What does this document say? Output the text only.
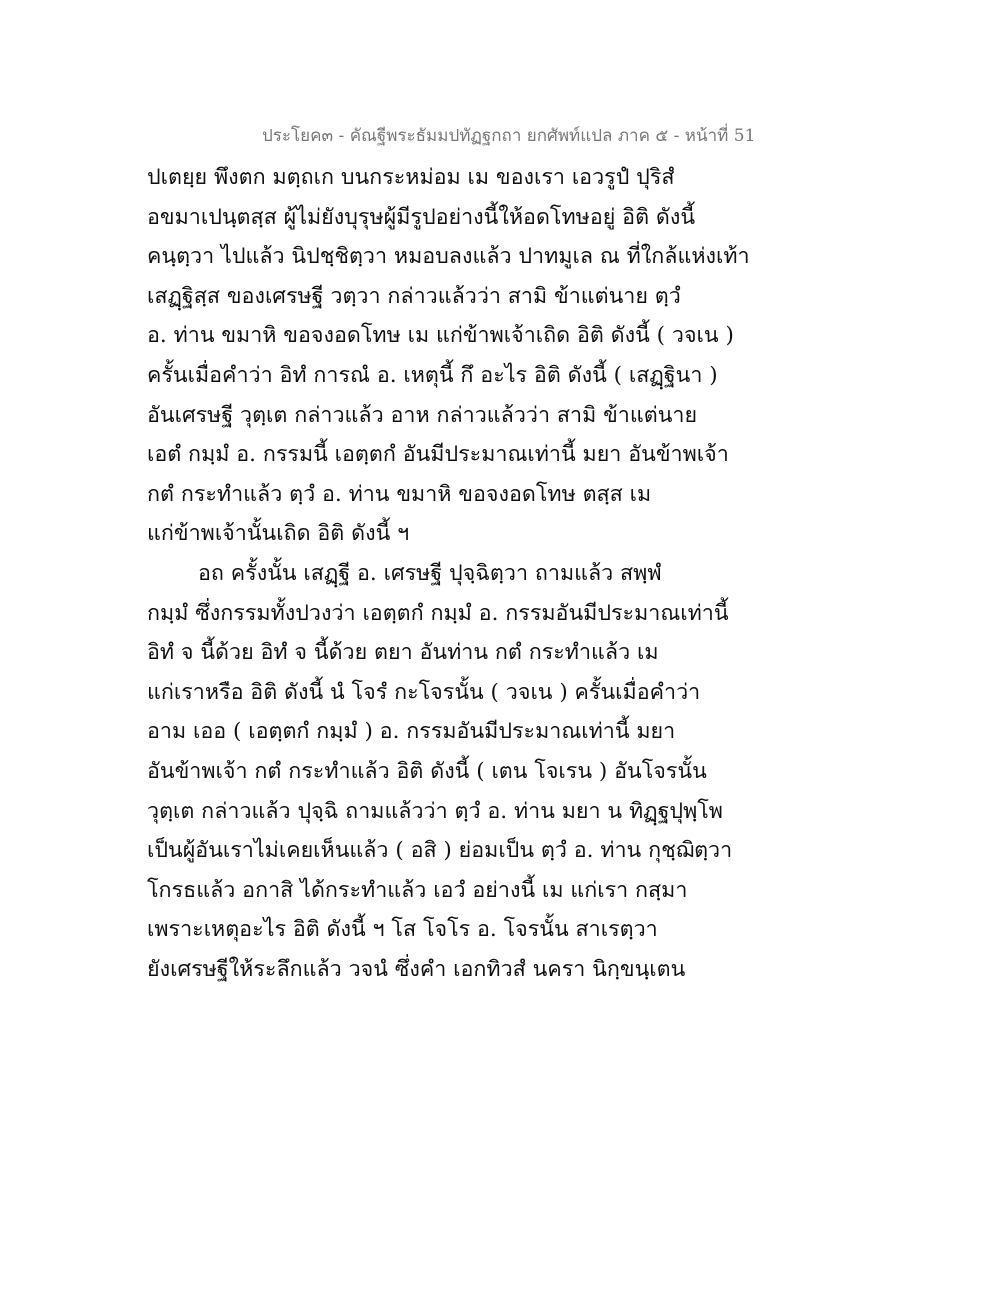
ประโยค๓ - คัณฐีพระธัมมปทัฏฐกถา ยกศัพท์แปล ภาค ๕ - หน้าที่ 51
ปเตยฺย พึงตก มตฺถเก บนกระหม่อม เม ของเรา เอวรูปํ ปุริสํ
อขมาเปนฺตสฺส ผู้ไม่ยังบุรุษผู้มีรูปอย่างนี้ให้อดโทษอยู่ อิติ ดังนี้
คนฺตฺวา ไปแล้ว นิปชฺชิตฺวา หมอบลงแล้ว ปาทมูเล ณ ที่ใกล้แห่งเท้า
เสฏฺฐิสฺส ของเศรษฐี วตฺวา กล่าวแล้วว่า สามิ ข้าแต่นาย ตฺวํ
อ. ท่าน ขมาหิ ขอจงอดโทษ เม แก่ข้าพเจ้าเถิด อิติ ดังนี้ ( วจเน )
ครั้นเมื่อคำว่า อิทํ การณํ อ. เหตุนี้ กึ อะไร อิติ ดังนี้ ( เสฏฺฐินา )
อันเศรษฐี วุตฺเต กล่าวแล้ว อาห กล่าวแล้วว่า สามิ ข้าแต่นาย
เอตํ กมฺมํ อ. กรรมนี้ เอตฺตกํ อันมีประมาณเท่านี้ มยา อันข้าพเจ้า
กตํ กระทำแล้ว ตฺวํ อ. ท่าน ขมาหิ ขอจงอดโทษ ตสฺส เม
แก่ข้าพเจ้านั้นเถิด อิติ ดังนี้ ฯ
อถ ครั้งนั้น เสฏฺฐี อ. เศรษฐี ปุจฺฉิตฺวา ถามแล้ว สพฺพํ
กมฺมํ ซึ่งกรรมทั้งปวงว่า เอตฺตกํ กมฺมํ อ. กรรมอันมีประมาณเท่านี้
อิทํ จ นี้ด้วย อิทํ จ นี้ด้วย ตยา อันท่าน กตํ กระทำแล้ว เม
แก่เราหรือ อิติ ดังนี้ นํ โจรํ กะโจรนั้น ( วจเน ) ครั้นเมื่อคำว่า
อาม เออ ( เอตฺตกํ กมฺมํ ) อ. กรรมอันมีประมาณเท่านี้ มยา
อันข้าพเจ้า กตํ กระทำแล้ว อิติ ดังนี้ ( เตน โจเรน ) อันโจรนั้น
วุตฺเต กล่าวแล้ว ปุจฺฉิ ถามแล้วว่า ตฺวํ อ. ท่าน มยา น ทิฏฺฐปุพฺโพ
เป็นผู้อันเราไม่เคยเห็นแล้ว ( อสิ ) ย่อมเป็น ตฺวํ อ. ท่าน กุชฺฌิตฺวา
โกรธแล้ว อกาสิ ได้กระทำแล้ว เอวํ อย่างนี้ เม แก่เรา กสฺมา
เพราะเหตุอะไร อิติ ดังนี้ ฯ โส โจโร อ. โจรนั้น สาเรตฺวา
ยังเศรษฐีให้ระลึกแล้ว วจนํ ซึ่งคำ เอกทิวสํ นครา นิกฺขนฺเตน
